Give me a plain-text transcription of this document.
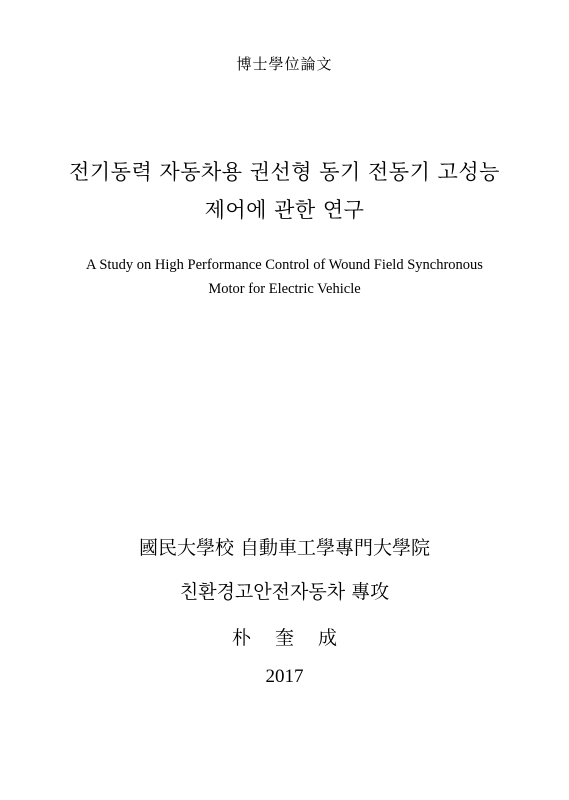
博士學位論文
전기동력 자동차용 권선형 동기 전동기 고성능
제어에 관한 연구
A Study on High Performance Control of Wound Field Synchronous
Motor for Electric Vehicle
國民大學校 自動車工學專門大學院
친환경고안전자동차 專攻
朴 奎 成
2017
